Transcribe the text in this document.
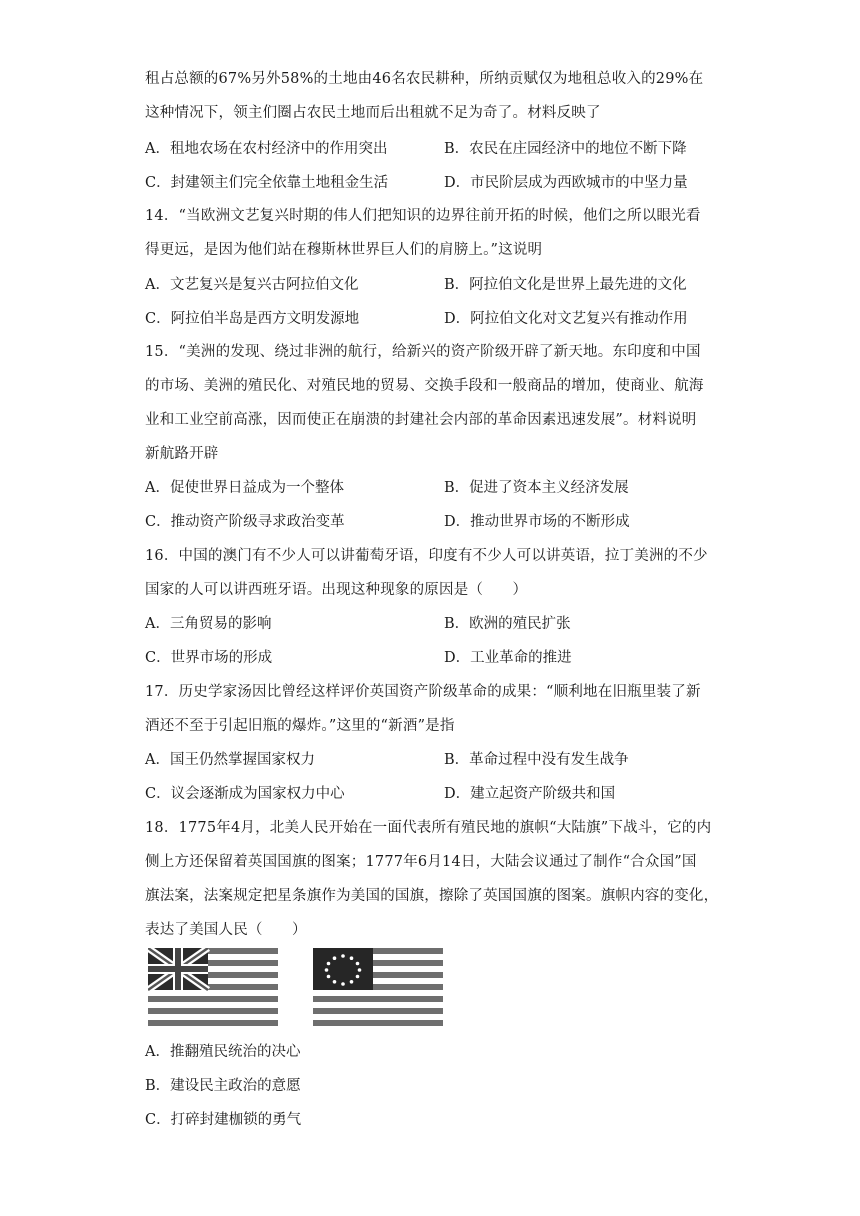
租占总额的67%另外58%的土地由46名农民耕种，所纳贡赋仅为地租总收入的29%在
这种情况下，领主们圈占农民土地而后出租就不足为奇了。材料反映了
A．租地农场在农村经济中的作用突出	B．农民在庄园经济中的地位不断下降
C．封建领主们完全依靠土地租金生活	D．市民阶层成为西欧城市的中坚力量
14．“当欧洲文艺复兴时期的伟人们把知识的边界往前开拓的时候，他们之所以眼光看
得更远，是因为他们站在穆斯林世界巨人们的肩膀上。”这说明
A．文艺复兴是复兴古阿拉伯文化	B．阿拉伯文化是世界上最先进的文化
C．阿拉伯半岛是西方文明发源地	D．阿拉伯文化对文艺复兴有推动作用
15．“美洲的发现、绕过非洲的航行，给新兴的资产阶级开辟了新天地。东印度和中国
的市场、美洲的殖民化、对殖民地的贸易、交换手段和一般商品的增加，使商业、航海
业和工业空前高涨，因而使正在崩溃的封建社会内部的革命因素迅速发展”。材料说明
新航路开辟
A．促使世界日益成为一个整体	B．促进了资本主义经济发展
C．推动资产阶级寻求政治变革	D．推动世界市场的不断形成
16．中国的澳门有不少人可以讲葡萄牙语，印度有不少人可以讲英语，拉丁美洲的不少
国家的人可以讲西班牙语。出现这种现象的原因是（　　）
A．三角贸易的影响	B．欧洲的殖民扩张
C．世界市场的形成	D．工业革命的推进
17．历史学家汤因比曾经这样评价英国资产阶级革命的成果：“顺利地在旧瓶里装了新
酒还不至于引起旧瓶的爆炸。”这里的“新酒”是指
A．国王仍然掌握国家权力	B．革命过程中没有发生战争
C．议会逐渐成为国家权力中心	D．建立起资产阶级共和国
18．1775年4月，北美人民开始在一面代表所有殖民地的旗帜“大陆旗”下战斗，它的内
侧上方还保留着英国国旗的图案；1777年6月14日，大陆会议通过了制作“合众国”国
旗法案，法案规定把星条旗作为美国的国旗，擦除了英国国旗的图案。旗帜内容的变化，
表达了美国人民（　　）
A．推翻殖民统治的决心
B．建设民主政治的意愿
C．打碎封建枷锁的勇气
